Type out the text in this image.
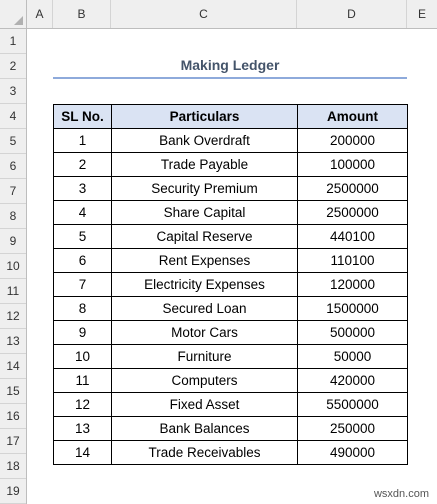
A	B	C	D	E
1
2
3
4
5
6
7
8
9
10
11
12
13
14
15
16
17
18
19
Making Ledger
SL No.	Particulars	Amount
1	Bank Overdraft	200000
2	Trade Payable	100000
3	Security Premium	2500000
4	Share Capital	2500000
5	Capital Reserve	440100
6	Rent Expenses	110100
7	Electricity Expenses	120000
8	Secured Loan	1500000
9	Motor Cars	500000
10	Furniture	50000
11	Computers	420000
12	Fixed Asset	5500000
13	Bank Balances	250000
14	Trade Receivables	490000
wsxdn.com
